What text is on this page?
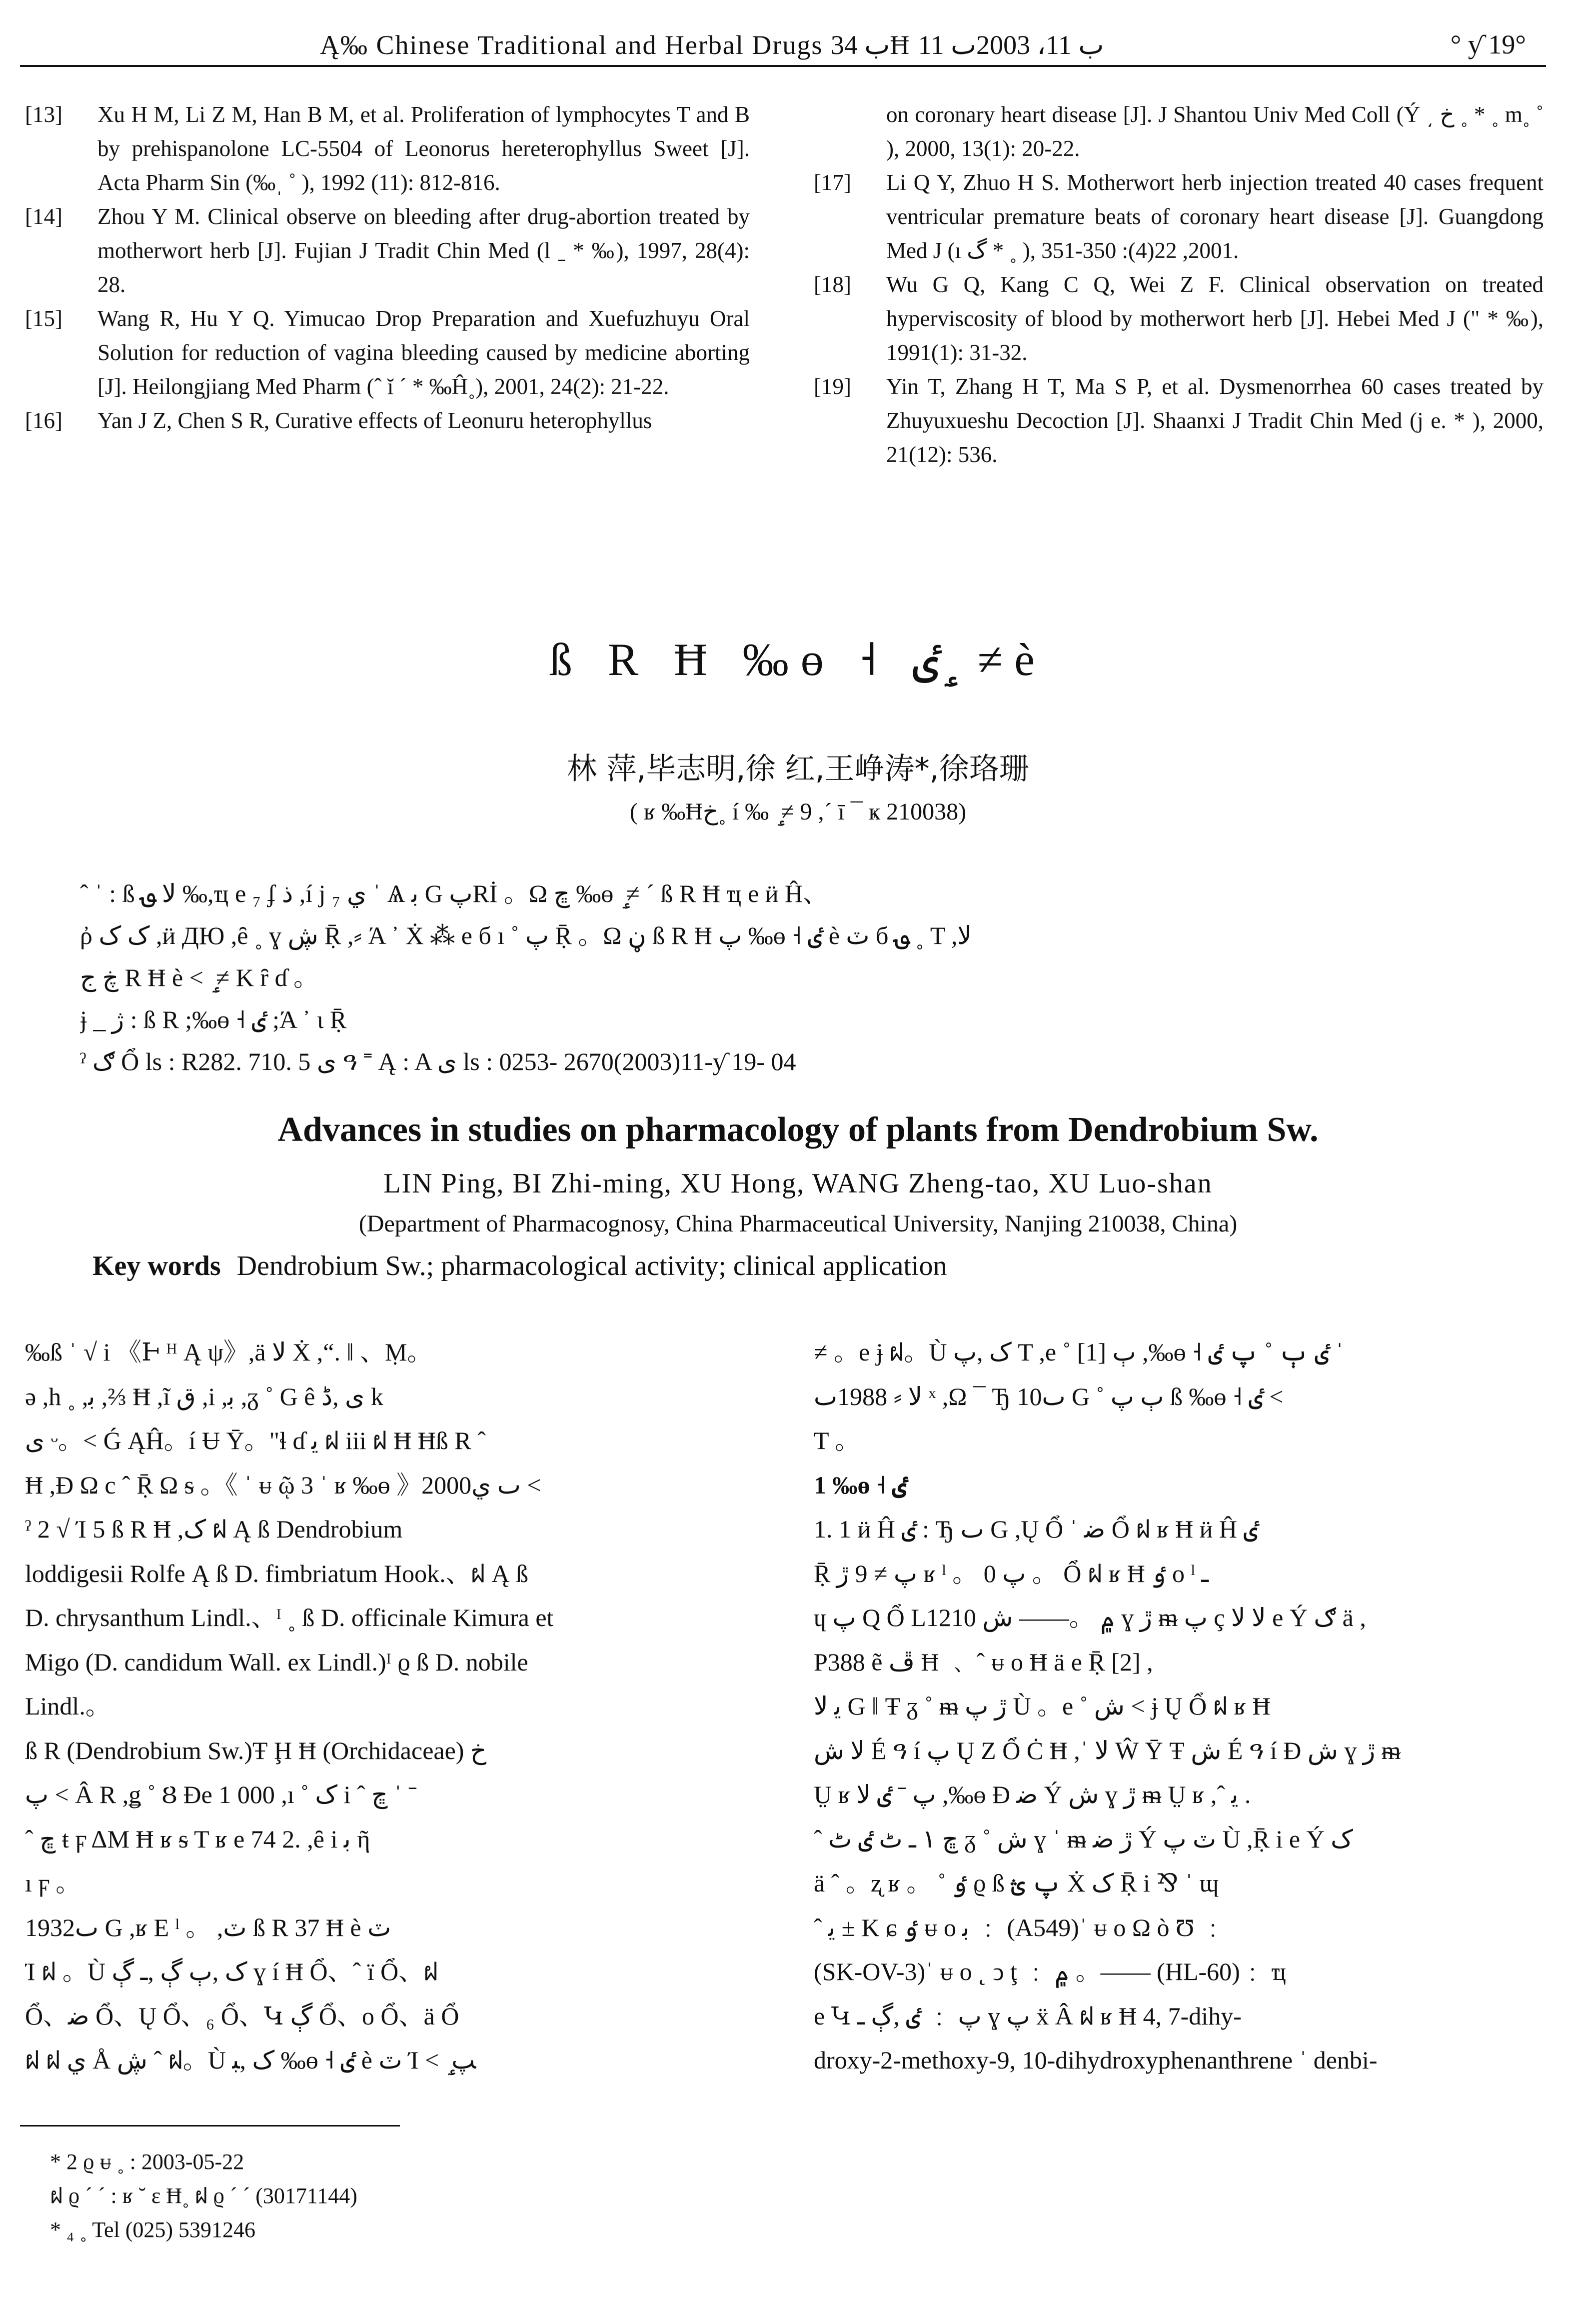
Ą‰ Chinese Traditional and Herbal Drugs ب 34Ħ ب 11، 2003ٮ 11	° ƴ 19°

[13] Xu H M, Li Z M, Han B M, et al. Proliferation of lymphocytes T and B by prehispanolone LC-5504 of Leonorus hereterophyllus Sweet [J]. Acta Pharm Sin (‰ˌ ˚ ), 1992 (11): 812-816.

[14] Zhou Y M. Clinical observe on bleeding after drug-abortion treated by motherwort herb [J]. Fujian J Tradit Chin Med (l ˍ * ‰), 1997, 28(4): 28.

[15] Wang R, Hu Y Q. Yimucao Drop Preparation and Xuefuzhuyu Oral Solution for reduction of vagina bleeding caused by medicine aborting [J]. Heilongjiang Med Pharm (ˆ ĭ ˊ * ‰Ĥ˳), 2001, 24(2): 21-22.

[16] Yan J Z, Chen S R, Curative effects of Leonuru heterophyllus

on coronary heart disease [J]. J Shantou Univ Med Coll (Ý ͵ خ ˳ * ˳ m˳ ˚ ), 2000, 13(1): 20-22.

[17] Li Q Y, Zhuo H S. Motherwort herb injection treated 40 cases frequent ventricular premature beats of coronary heart disease [J]. Guangdong Med J (ı گ * ˳ ), 2001, 22(4): 350-351.

[18] Wu G Q, Kang C Q, Wei Z F. Clinical observation on treated hyperviscosity of blood by motherwort herb [J]. Hebei Med J (" * ‰), 1991(1): 31-32.

[19] Yin T, Zhang H T, Ma S P, et al. Dysmenorrhea 60 cases treated by Zhuyuxueshu Decoction [J]. Shaanxi J Tradit Chin Med (j e. * ), 2000, 21(12): 536.

ß R Ħ ‰ɵ ˧ ٸ ٟ ≠ è
林 萍,毕志明,徐 红,王峥涛*,徐珞珊
( ʁ ‰Ħخ˳ í ‰ ٟ ≠ 9 ,ˊ ī ¯ ҝ 210038)

ˆ ˈ : ß ﻻ ؈ ‰,ҵ e ₇ ʄ ﺫ ,í j ₇ ي ˈ Ѧ ﺑ G پRİ 。Ω ڇ ‰ɵ ٟ ≠ ˊ ß R Ħ ҵ e ӥ Ĥ、

ῤ ک ک ,ӥ ДЮ ,ȇ ˳ ɣ ڜ Ṝ ,⸗ Ά ᾽ Ẋ ⁂ e б ı ˚ پ Ṝ 。Ω ڼ ß R Ħ پ ‰ɵ ˧ ٸ è ٽ б ؈ ˳ T ,ﻻ

ڿ ج R Ħ è ˂ ٟ ≠ K ȓ ɗ 。

ɉ _ ﮊ : ß R ;‰ɵ ˧ ٸ ;Ά ᾽ ɩ Ṝ

ˀ ګ Ổ ls : R282. 710. 5 ى ዓ ˭ Ą : A ى ls : 0253- 2670(2003)11-ƴ 19- 04

Advances in studies on pharmacology of plants from Dendrobium Sw.
LIN Ping, BI Zhi-ming, XU Hong, WANG Zheng-tao, XU Luo-shan
(Department of Pharmacognosy, China Pharmaceutical University, Nanjing 210038, China)
Key words Dendrobium Sw.; pharmacological activity; clinical application

‰ß ˈ √ i 《Ͱ ᴴ Ą ψ》,ä ﻻ Ẋ ,“. ǁ 、Ṃ。

ə ,h ˳ ,ﺑ ,⅔ Ħ ,ĩ ق ,i ,ﺑ ,ᵹ ˚ G ê ی ,ڈ k

ى ᵕ。˂ Ǵ ĄĤ。í Ʉ Ῡ。"ɬ ɗ ﻳ ฝ iii ฝ Ħ Ħß R ˆ

Ħ ,Ð Ω c ˆ Ṝ Ω ᵴ 。《 ˈ ᵾ ῷ 3 ˈ ʁ ‰ɵ 》2000ٮ ي ˂

ˀ 2 √ Ί 5 ß R Ħ ,ک ฝ Ą ß Dendrobium

loddigesii Rolfe Ą ß D. fimbriatum Hook.、ฝ Ą ß

D. chrysanthum Lindl.、ᴵ ˳ ß D. officinale Kimura et

Migo (D. candidum Wall. ex Lindl.)ᴵ ϱ ß D. nobile

Lindl.。

ß R (Dendrobium Sw.)Ŧ Ḩ Ħ (Orchidaceae) خ

پ ˂ Â R ,ǥ ˚ Ȣ Ðe 1 000 ,ı ˚ ک i ˆ ڇ ˈ ˉ

ˆ ڇ ŧ ϝ ΔΜ Ħ ʁ ᵴ T ʁ e 74 2. ,ȇ i ﺑ ῆ

ı ϝ 。

1932ٮ G ,ʁ E ˡ 。 ,ٽ ß R 37 Ħ è ٽ

Ί ฝ 。Ù ک ,ٻ ڳ ,ـ ڳ ɣ í Ħ Ổ、ˆ ï Ổ、ฝ

Ổ、ﺿ Ổ、Ų Ổ、₆ Ổ、Կ ڳ Ổ、ᴏ Ổ、ä Ổ

ฝ ฝ ي Å ڜ ˆ ฝ。Ù ک ,ﺒ ‰ɵ ˧ ٸ è ٽ Ί ˂ ٟ ﭗ

≠ 。e ɉ ฝ。Ù ک ,پ T ,e ˚ ٻ [1] ,‰ɵ ˧ ٸ ٻ ˚ پ ٸ ˈ

ﻻ ⸗ 1988ٮ ˣ ,Ω ¯ Ђ 10ٮ G ˚ ٻ پ ß ‰ɵ ˧ ٸ ˂

T 。

1 ‰ɵ ˧ ٸ

1. 1 ӥ Ĥ ٸ : Ђ ٮ G ,Ų Ổ ˈ ﺿ Ổ ฝ ʁ Ħ ӥ Ĥ ٸ

Ṝ پ ≠ 9 ڙ ʁ ˡ 。 پ 0 。 Ổ ฝ ʁ Ħ ٶ ᴏ ˡ ـ

ɥ پ Q Ổ L1210 ۾ 。—— ش ɣ ڙ ᵯ پ ç ﻻ ﻻ e Ý ګ ä ,

P388 ẽ ڦ Ħ ﹑ ˆ ᵾ ᴏ Ħ ä e Ṝ [2] ,

ﻳ ﻻ G ‖ Ŧ ᵹ ˚ ᵯ ڙ پ Ù 。e ˚ ش ˂ ɉ Ų Ổ ฝ ʁ Ħ

ﻻ ش É ዓ í پ Ų Z Ổ Ċ Ħ ,ˈ ﻻ Ŵ Ȳ Ŧ ش É ዓ í Ð ش ɣ ڙ ᵯ

Ṳ ʁ پ ˉ ٸ ﻻ ,‰ɵ Ð ﺿ Ý ش ɣ ڙ ᵯ Ṳ ʁ ,ˆ ﻳ .

ˆ ڇ ١ ـ ٹ ٸ ٹ ᵹ ˚ ش ɣ ˈ ᵯ ڙ ﺿ Ý ٽ پ Ù ,Ṝ i e Ý ک

ä ˆ 。ʐ ʁ 。 ˚ ٶ ϱ ß پ ؿ Ẋ ک Ṝ i ⅋ ˈ ɰ

ˆ ﻳ ± K ɕ ٶ ᵾ ᴏ ﺑ ﹕ (A549)ˈ ᵾ ᴏ Ω ò Ʊ ﹕

(SK-OV-3)ˈ ᵾ ᴏ ˛ ↄ ţ ﹕ ۾ 。—— (HL-60)﹕ ҵ

e Կ پ ﹕ ٸ ,ڳ ـ ɣ پ ẍ Â ฝ ʁ Ħ 4, 7-dihy-

droxy-2-methoxy-9, 10-dihydroxyphenanthrene ˈ denbi-

* 2 ϱ ᵾ ˳ : 2003-05-22

ฝ ϱ ˊ ˊ : ʁ ˘ ε Ħ˳ ฝ ϱ ˊ ˊ (30171144)

* ₄ ˳ Tel (025) 5391246
